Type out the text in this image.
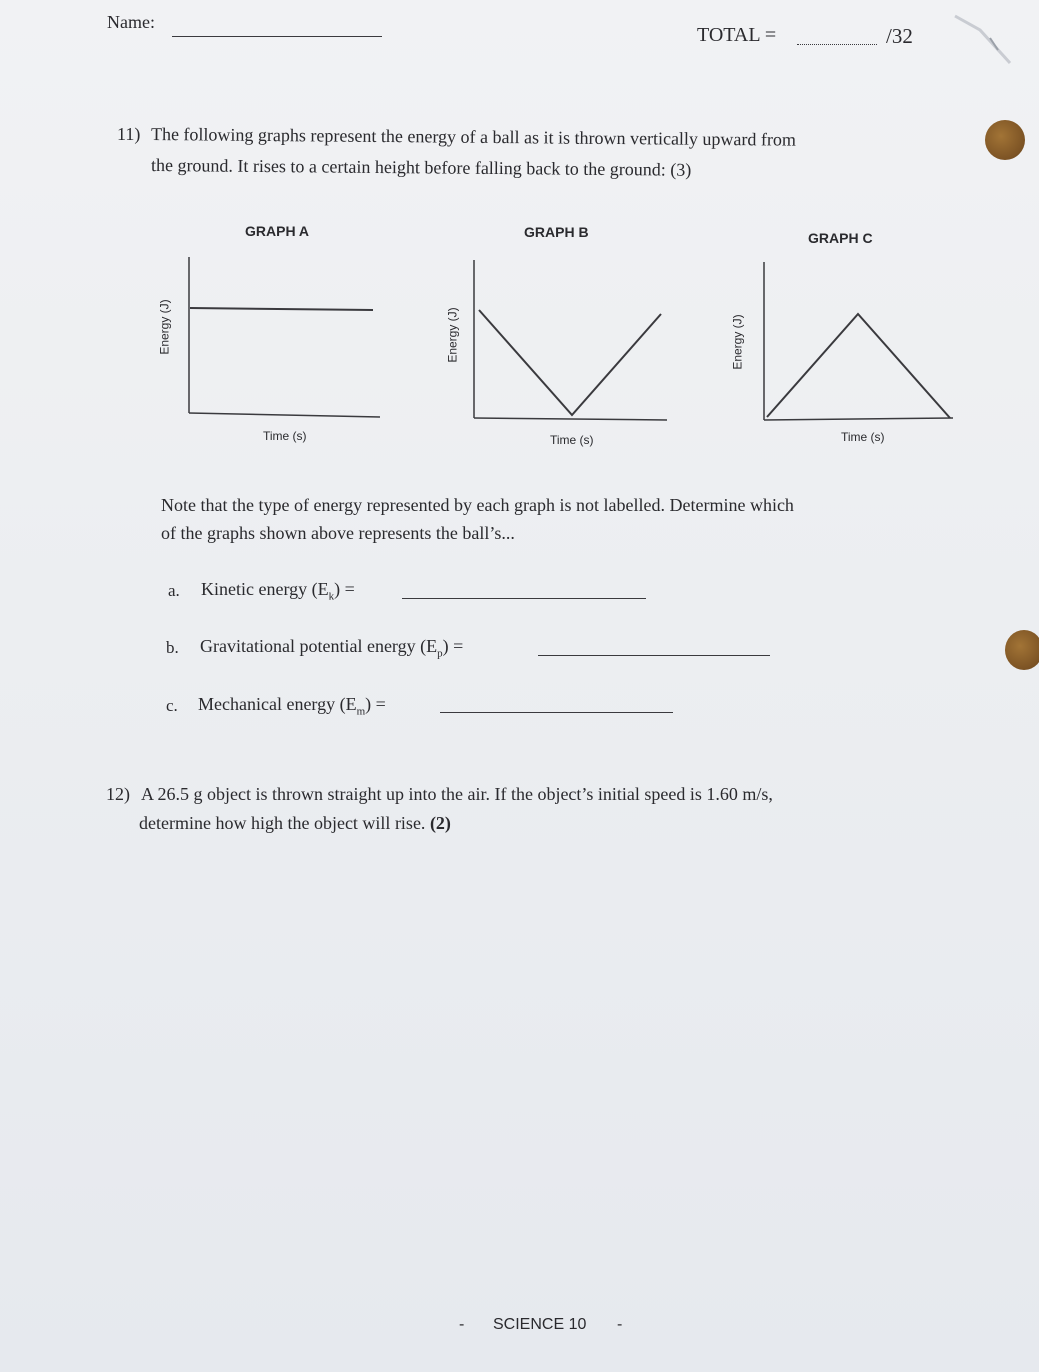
Name:
TOTAL =	/32
11) The following graphs represent the energy of a ball as it is thrown vertically upward from
the ground. It rises to a certain height before falling back to the ground: (3)
GRAPH A
Energy (J)
Time (s)
GRAPH B
Energy (J)
Time (s)
GRAPH C
Energy (J)
Time (s)
Note that the type of energy represented by each graph is not labelled. Determine which
of the graphs shown above represents the ball’s...
a. Kinetic energy $(E_k)$ =
b. Gravitational potential energy $(E_p)$ =
c. Mechanical energy $(E_m)$ =
12) A 26.5 g object is thrown straight up into the air. If the object’s initial speed is 1.60 m/s,
determine how high the object will rise. (2)
- SCIENCE 10 -
